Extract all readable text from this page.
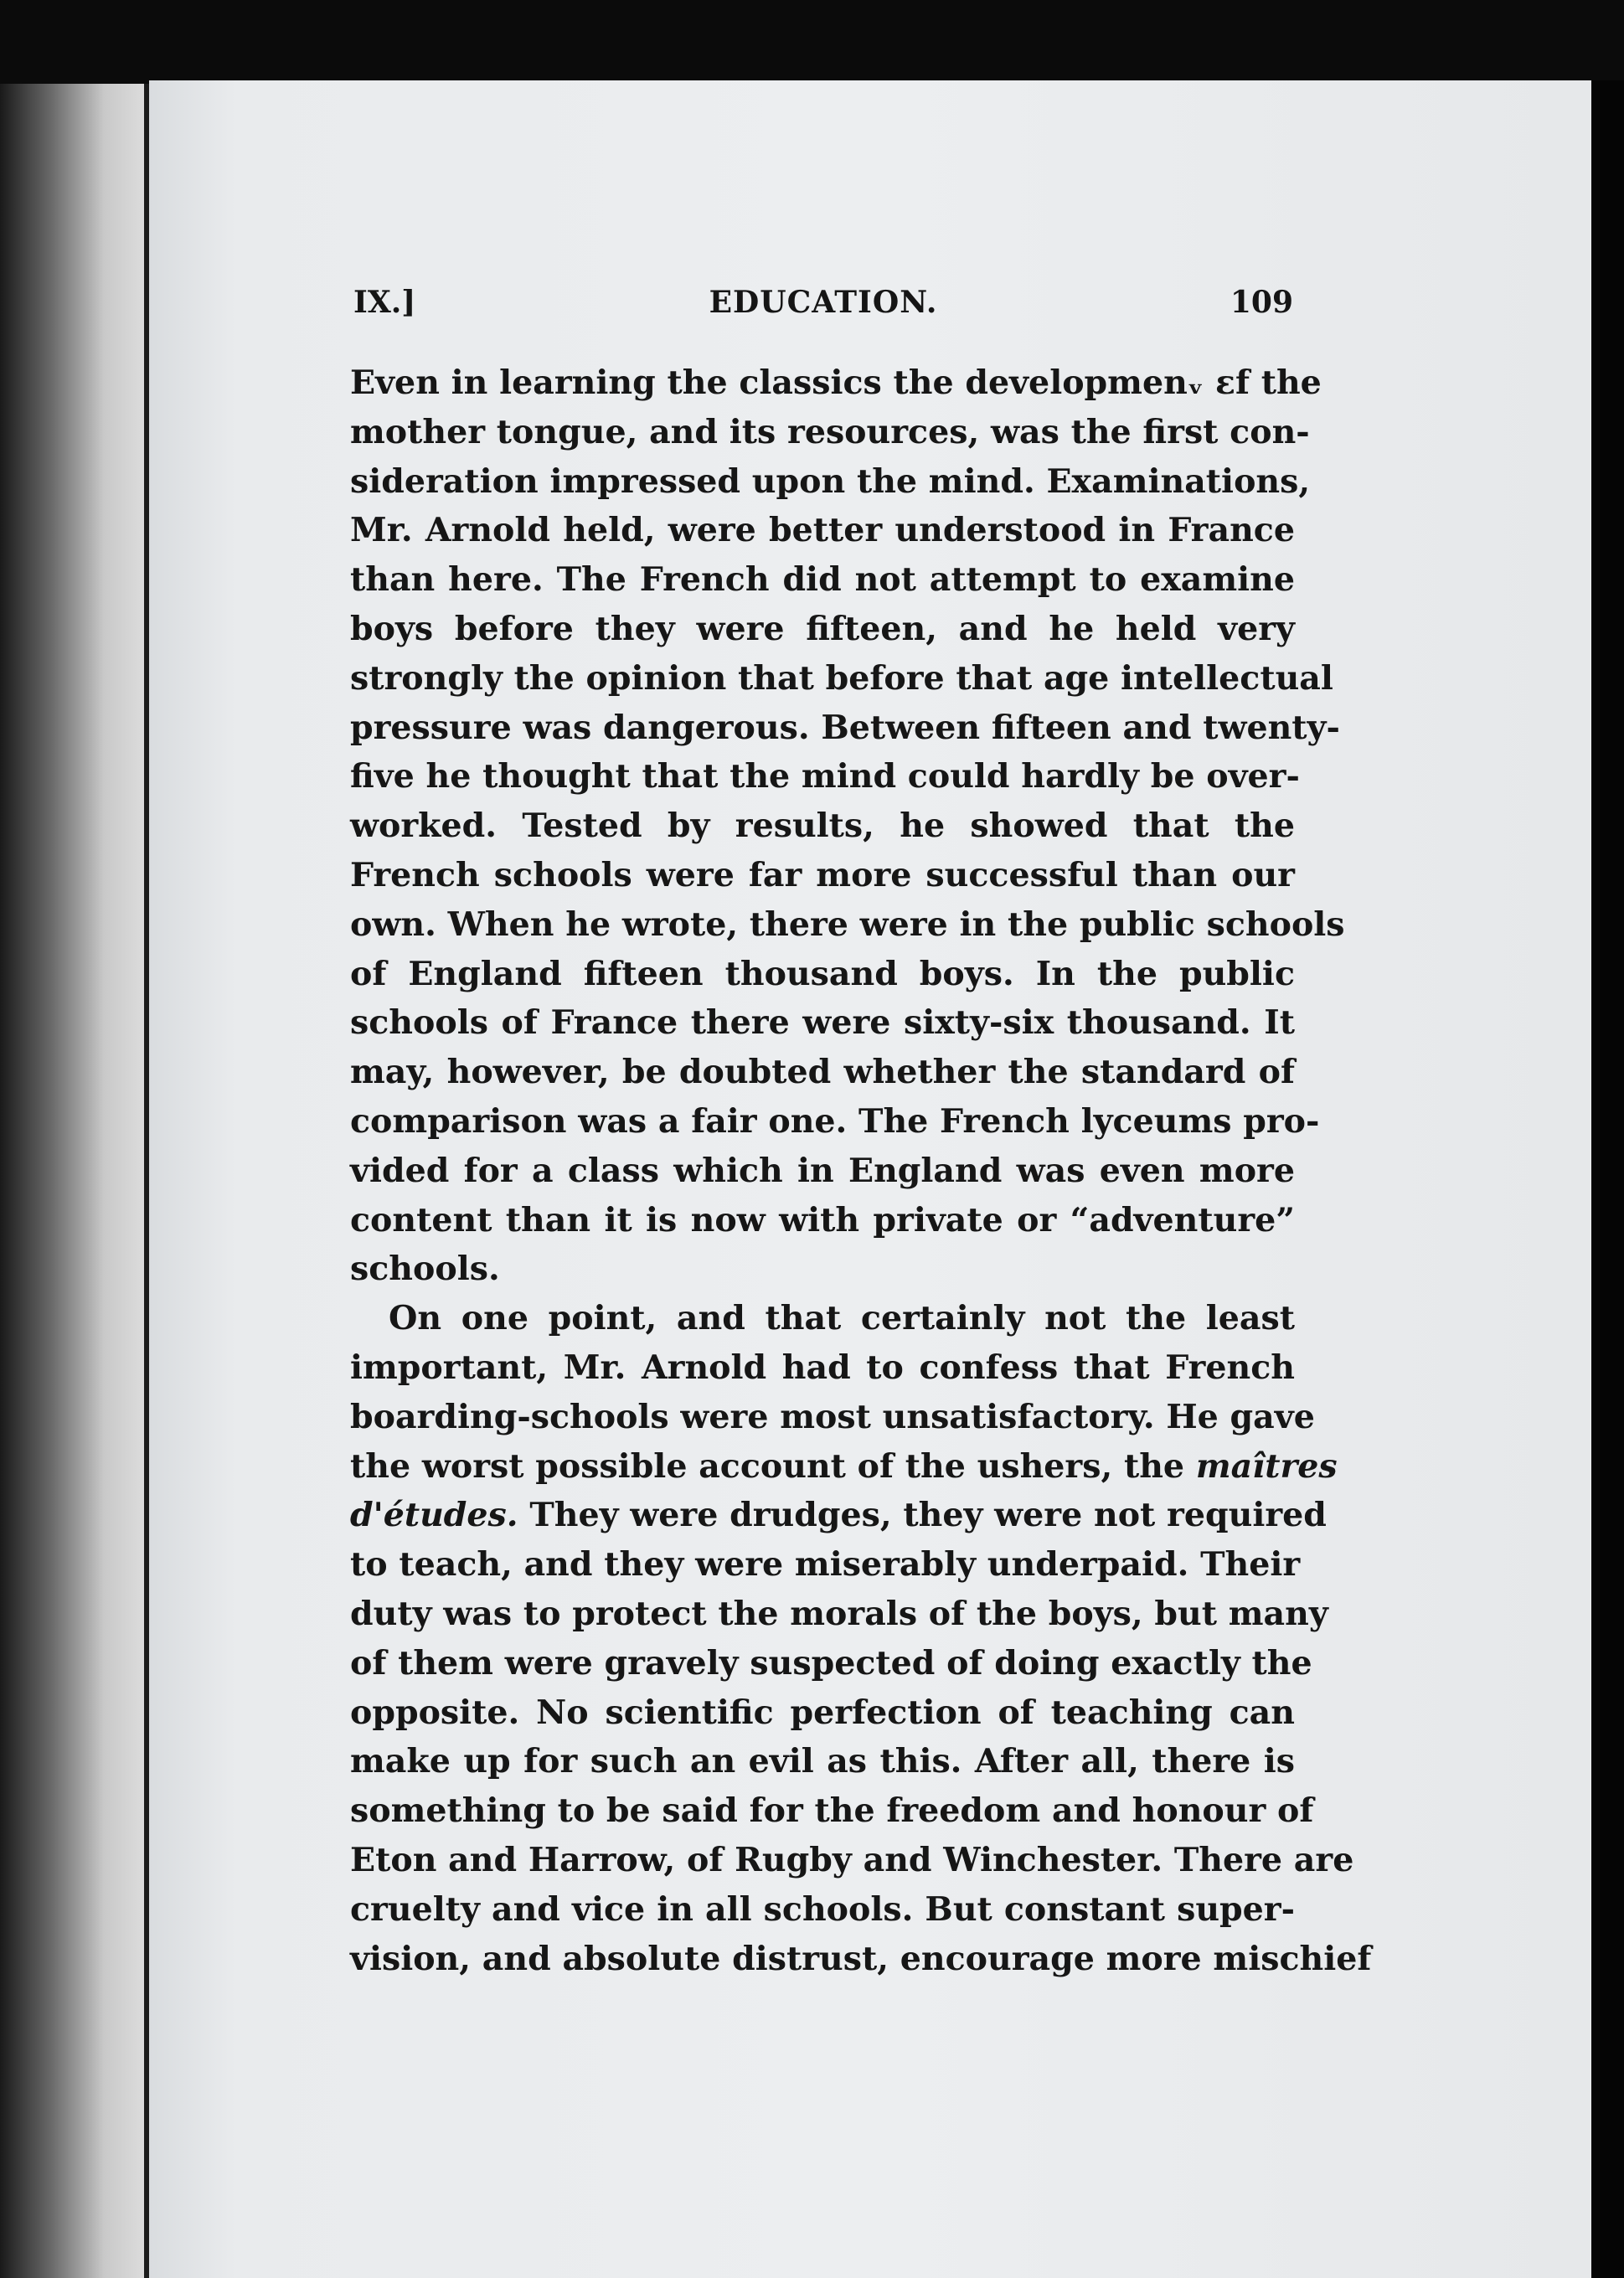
IX.]	EDUCATION.	109
Even in learning the classics the developmenᵥ ɛf the
mother tongue, and its resources, was the first con-
sideration impressed upon the mind. Examinations,
Mr. Arnold held, were better understood in France
than here. The French did not attempt to examine
boys before they were fifteen, and he held very
strongly the opinion that before that age intellectual
pressure was dangerous. Between fifteen and twenty-
five he thought that the mind could hardly be over-
worked. Tested by results, he showed that the
French schools were far more successful than our
own. When he wrote, there were in the public schools
of England fifteen thousand boys. In the public
schools of France there were sixty-six thousand. It
may, however, be doubted whether the standard of
comparison was a fair one. The French lyceums pro-
vided for a class which in England was even more
content than it is now with private or “adventure”
schools.
On one point, and that certainly not the least
important, Mr. Arnold had to confess that French
boarding-schools were most unsatisfactory. He gave
the worst possible account of the ushers, the maîtres
d'études. They were drudges, they were not required
to teach, and they were miserably underpaid. Their
duty was to protect the morals of the boys, but many
of them were gravely suspected of doing exactly the
opposite. No scientific perfection of teaching can
make up for such an evil as this. After all, there is
something to be said for the freedom and honour of
Eton and Harrow, of Rugby and Winchester. There are
cruelty and vice in all schools. But constant super-
vision, and absolute distrust, encourage more mischief
